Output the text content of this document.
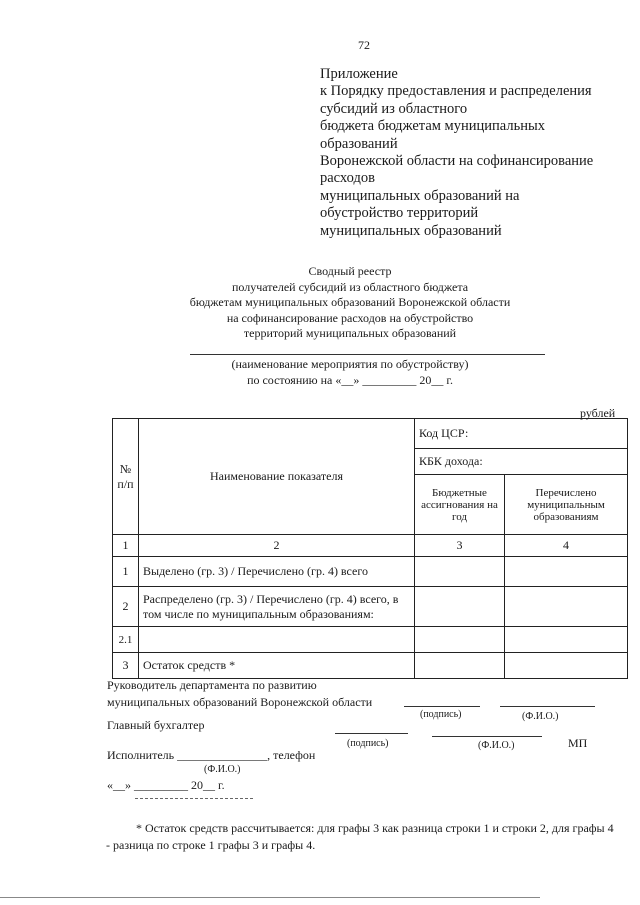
72
Приложение
к Порядку предоставления и распределения
субсидий из областного
бюджета бюджетам муниципальных
образований
Воронежской области на софинансирование
расходов
муниципальных образований на
обустройство территорий
муниципальных образований
Сводный реестр
получателей субсидий из областного бюджета
бюджетам муниципальных образований Воронежской области
на софинансирование расходов на обустройство
территорий муниципальных образований
(наименование мероприятия по обустройству)
по состоянию на «__» _________ 20__ г.
рублей
№ п/п	Наименование показателя	Код ЦСР:	
		КБК дохода:	
		Бюджетные ассигнования на год	Перечислено муниципальным образованиям
1	2	3	4
1	Выделено (гр. 3) / Перечислено (гр. 4) всего		
2	Распределено (гр. 3) / Перечислено (гр. 4) всего, в том числе по муниципальным образованиям:		
2.1			
3	Остаток средств *		
Руководитель департамента по развитию
муниципальных образований Воронежской области
(подпись)	(Ф.И.О.)
Главный бухгалтер
(подпись)	(Ф.И.О.)	МП
Исполнитель _______________, телефон
(Ф.И.О.)
«__» _________ 20__ г.
* Остаток средств рассчитывается: для графы 3 как разница строки 1 и строки 2, для графы 4 - разница по строке 1 графы 3 и графы 4.
